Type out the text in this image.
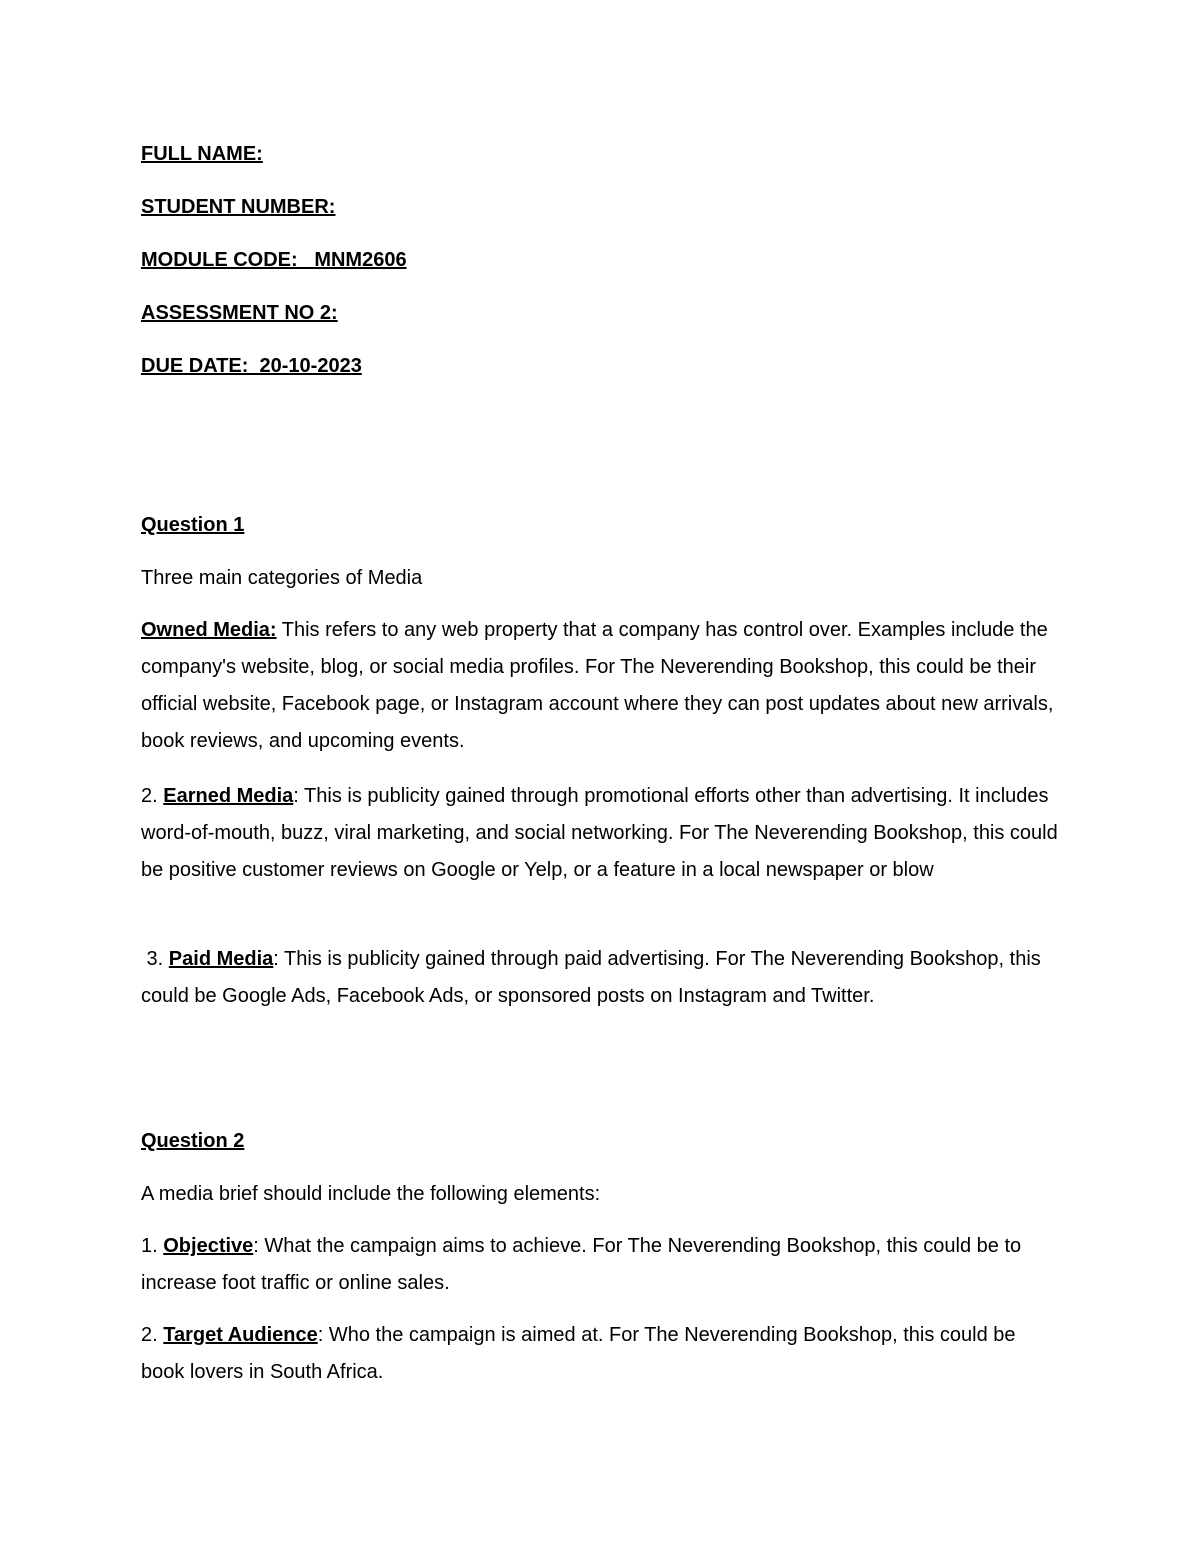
FULL NAME:

STUDENT NUMBER:

MODULE CODE:   MNM2606

ASSESSMENT NO 2:

DUE DATE:  20-10-2023

Question 1

Three main categories of Media

Owned Media: This refers to any web property that a company has control over. Examples include the company's website, blog, or social media profiles. For The Neverending Bookshop, this could be their official website, Facebook page, or Instagram account where they can post updates about new arrivals, book reviews, and upcoming events.

2. Earned Media: This is publicity gained through promotional efforts other than advertising. It includes word-of-mouth, buzz, viral marketing, and social networking. For The Neverending Bookshop, this could be positive customer reviews on Google or Yelp, or a feature in a local newspaper or blow

3. Paid Media: This is publicity gained through paid advertising. For The Neverending Bookshop, this could be Google Ads, Facebook Ads, or sponsored posts on Instagram and Twitter.

Question 2

A media brief should include the following elements:

1. Objective: What the campaign aims to achieve. For The Neverending Bookshop, this could be to increase foot traffic or online sales.

2. Target Audience: Who the campaign is aimed at. For The Neverending Bookshop, this could be book lovers in South Africa.
